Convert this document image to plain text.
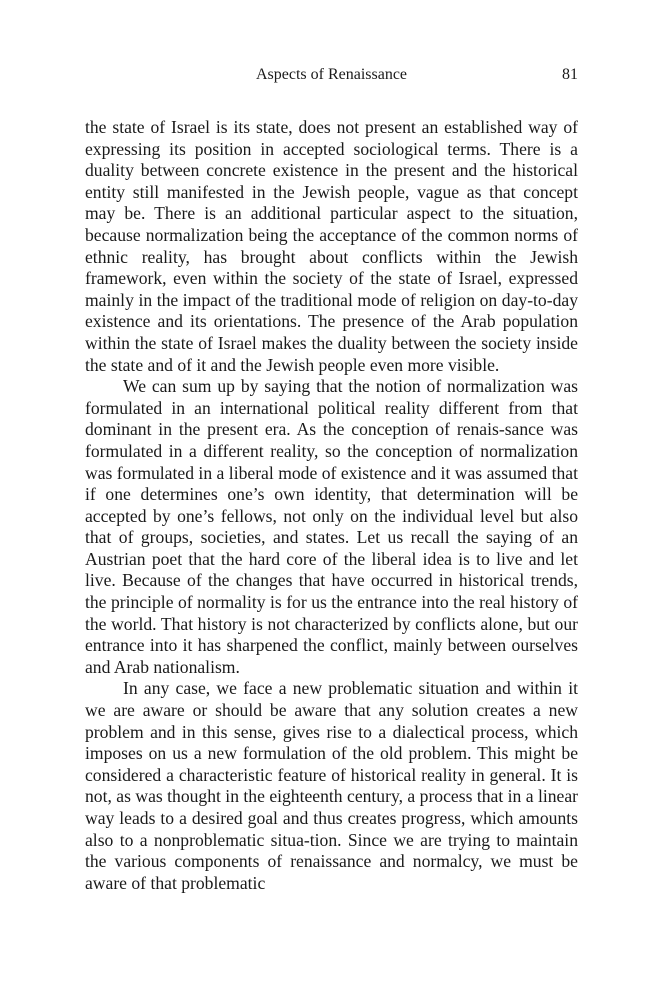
Aspects of Renaissance	81

the state of Israel is its state, does not present an established way of expressing its position in accepted sociological terms. There is a duality between concrete existence in the present and the historical entity still manifested in the Jewish people, vague as that concept may be. There is an additional particular aspect to the situation, because normalization being the acceptance of the common norms of ethnic reality, has brought about conflicts within the Jewish framework, even within the society of the state of Israel, expressed mainly in the impact of the traditional mode of religion on day-to-day existence and its orientations. The presence of the Arab population within the state of Israel makes the duality between the society inside the state and of it and the Jewish people even more visible.

We can sum up by saying that the notion of normalization was formulated in an international political reality different from that dominant in the present era. As the conception of renais-sance was formulated in a different reality, so the conception of normalization was formulated in a liberal mode of existence and it was assumed that if one determines one’s own identity, that determination will be accepted by one’s fellows, not only on the individual level but also that of groups, societies, and states. Let us recall the saying of an Austrian poet that the hard core of the liberal idea is to live and let live. Because of the changes that have occurred in historical trends, the principle of normality is for us the entrance into the real history of the world. That history is not characterized by conflicts alone, but our entrance into it has sharpened the conflict, mainly between ourselves and Arab nationalism.

In any case, we face a new problematic situation and within it we are aware or should be aware that any solution creates a new problem and in this sense, gives rise to a dialectical process, which imposes on us a new formulation of the old problem. This might be considered a characteristic feature of historical reality in general. It is not, as was thought in the eighteenth century, a process that in a linear way leads to a desired goal and thus creates progress, which amounts also to a nonproblematic situa-tion. Since we are trying to maintain the various components of renaissance and normalcy, we must be aware of that problematic
